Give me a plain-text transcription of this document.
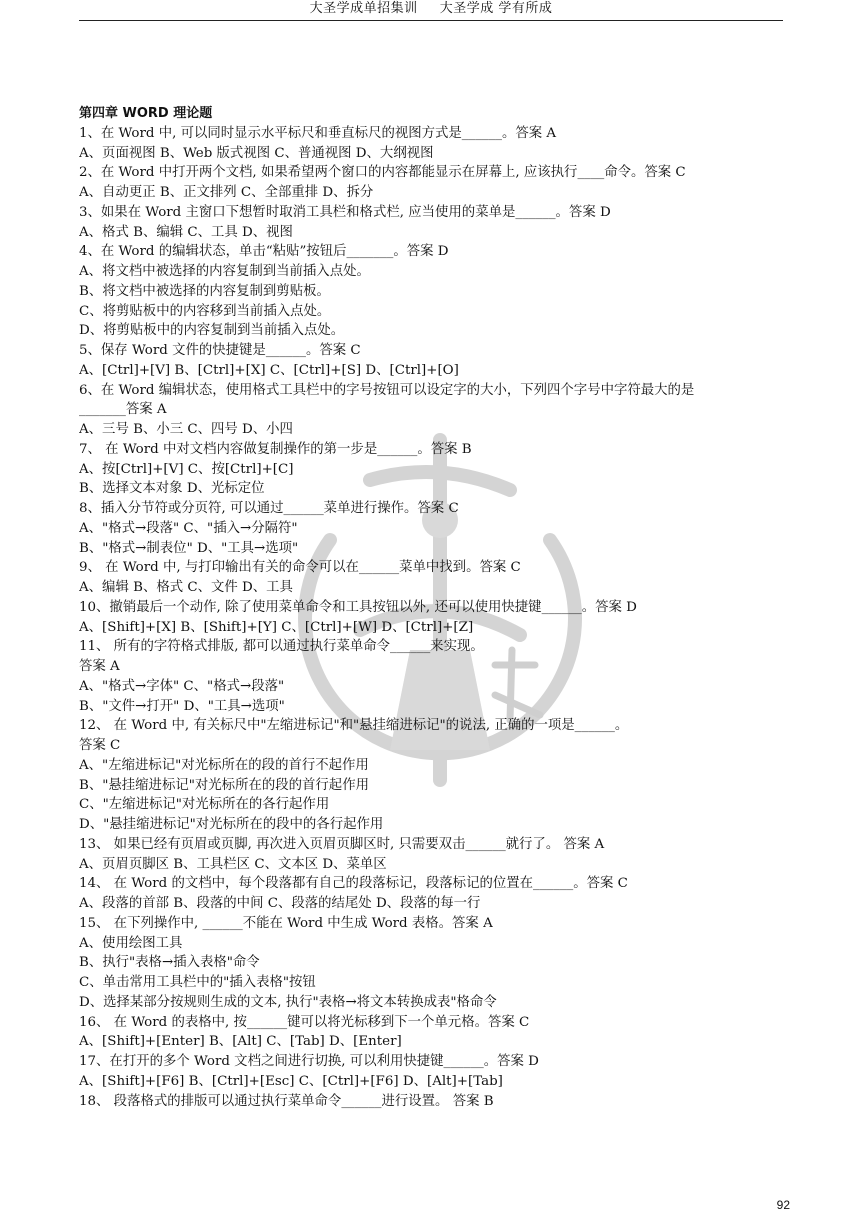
大圣学成单招集训 大圣学成 学有所成
第四章 WORD 理论题
1、在 Word 中, 可以同时显示水平标尺和垂直标尺的视图方式是______。答案 A
A、页面视图 B、Web 版式视图 C、普通视图 D、大纲视图
2、在 Word 中打开两个文档, 如果希望两个窗口的内容都能显示在屏幕上, 应该执行____命令。答案 C
A、自动更正 B、正文排列 C、全部重排 D、拆分
3、如果在 Word 主窗口下想暂时取消工具栏和格式栏, 应当使用的菜单是______。答案 D
A、格式 B、编辑 C、工具 D、视图
4、在 Word 的编辑状态，单击“粘贴”按钮后_______。答案 D
A、将文档中被选择的内容复制到当前插入点处。
B、将文档中被选择的内容复制到剪贴板。
C、将剪贴板中的内容移到当前插入点处。
D、将剪贴板中的内容复制到当前插入点处。
5、保存 Word 文件的快捷键是______。答案 C
A、[Ctrl]+[V] B、[Ctrl]+[X] C、[Ctrl]+[S] D、[Ctrl]+[O]
6、在 Word 编辑状态，使用格式工具栏中的字号按钮可以设定字的大小，下列四个字号中字符最大的是
_______答案 A
A、三号 B、小三 C、四号 D、小四
7、 在 Word 中对文档内容做复制操作的第一步是______。答案 B
A、按[Ctrl]+[V] C、按[Ctrl]+[C]
B、选择文本对象 D、光标定位
8、插入分节符或分页符, 可以通过______菜单进行操作。答案 C
A、"格式→段落" C、"插入→分隔符"
B、"格式→制表位" D、"工具→选项"
9、 在 Word 中, 与打印输出有关的命令可以在______菜单中找到。答案 C
A、编辑 B、格式 C、文件 D、工具
10、撤销最后一个动作, 除了使用菜单命令和工具按钮以外, 还可以使用快捷键______。答案 D
A、[Shift]+[X] B、[Shift]+[Y] C、[Ctrl]+[W] D、[Ctrl]+[Z]
11、 所有的字符格式排版, 都可以通过执行菜单命令______来实现。
答案 A
A、"格式→字体" C、"格式→段落"
B、"文件→打开" D、"工具→选项"
12、 在 Word 中, 有关标尺中"左缩进标记"和"悬挂缩进标记"的说法, 正确的一项是______。
答案 C
A、"左缩进标记"对光标所在的段的首行不起作用
B、"悬挂缩进标记"对光标所在的段的首行起作用
C、"左缩进标记"对光标所在的各行起作用
D、"悬挂缩进标记"对光标所在的段中的各行起作用
13、 如果已经有页眉或页脚, 再次进入页眉页脚区时, 只需要双击______就行了。 答案 A
A、页眉页脚区 B、工具栏区 C、文本区 D、菜单区
14、 在 Word 的文档中，每个段落都有自己的段落标记，段落标记的位置在______。答案 C
A、段落的首部 B、段落的中间 C、段落的结尾处 D、段落的每一行
15、 在下列操作中, ______不能在 Word 中生成 Word 表格。答案 A
A、使用绘图工具
B、执行"表格→插入表格"命令
C、单击常用工具栏中的"插入表格"按钮
D、选择某部分按规则生成的文本, 执行"表格→将文本转换成表"格命令
16、 在 Word 的表格中, 按______键可以将光标移到下一个单元格。答案 C
A、[Shift]+[Enter] B、[Alt] C、[Tab] D、[Enter]
17、在打开的多个 Word 文档之间进行切换, 可以利用快捷键______。答案 D
A、[Shift]+[F6] B、[Ctrl]+[Esc] C、[Ctrl]+[F6] D、[Alt]+[Tab]
18、 段落格式的排版可以通过执行菜单命令______进行设置。 答案 B
92
